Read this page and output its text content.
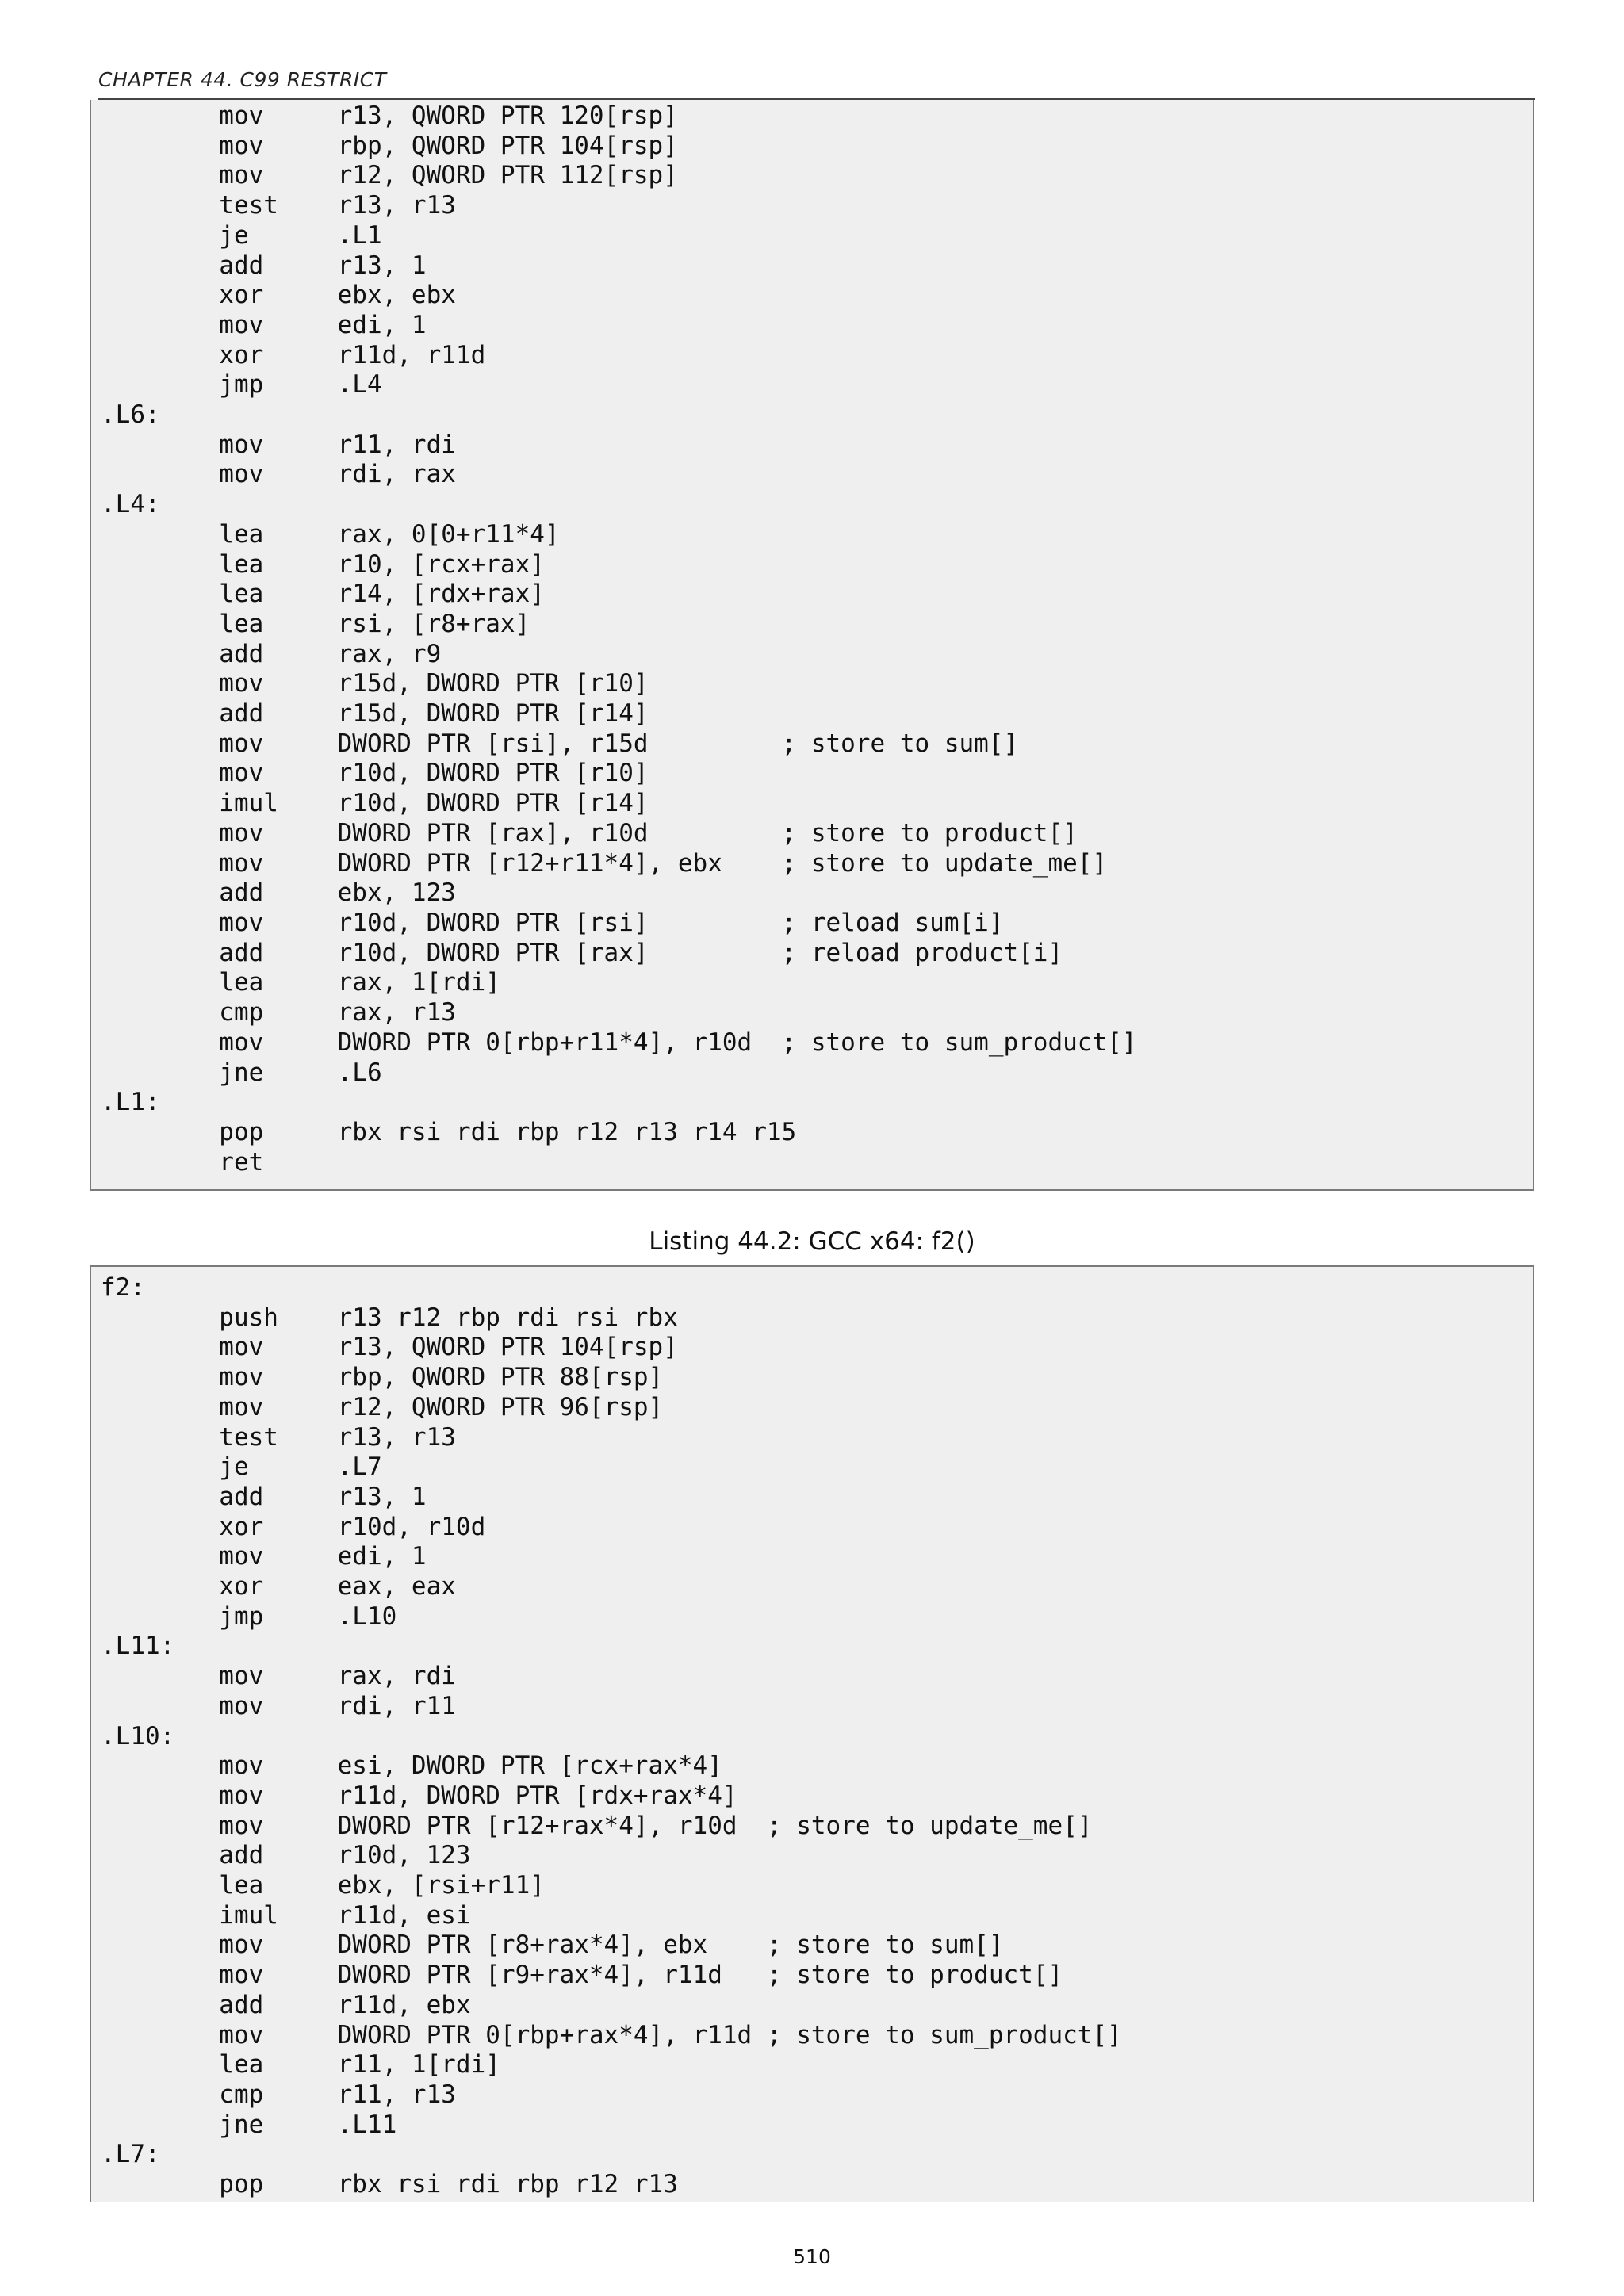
CHAPTER 44. C99 RESTRICT
mov     r13, QWORD PTR 120[rsp]
mov     rbp, QWORD PTR 104[rsp]
mov     r12, QWORD PTR 112[rsp]
test    r13, r13
je      .L1
add     r13, 1
xor     ebx, ebx
mov     edi, 1
xor     r11d, r11d
jmp     .L4
.L6:
mov     r11, rdi
mov     rdi, rax
.L4:
lea     rax, 0[0+r11*4]
lea     r10, [rcx+rax]
lea     r14, [rdx+rax]
lea     rsi, [r8+rax]
add     rax, r9
mov     r15d, DWORD PTR [r10]
add     r15d, DWORD PTR [r14]
mov     DWORD PTR [rsi], r15d         ; store to sum[]
mov     r10d, DWORD PTR [r10]
imul    r10d, DWORD PTR [r14]
mov     DWORD PTR [rax], r10d         ; store to product[]
mov     DWORD PTR [r12+r11*4], ebx    ; store to update_me[]
add     ebx, 123
mov     r10d, DWORD PTR [rsi]         ; reload sum[i]
add     r10d, DWORD PTR [rax]         ; reload product[i]
lea     rax, 1[rdi]
cmp     rax, r13
mov     DWORD PTR 0[rbp+r11*4], r10d  ; store to sum_product[]
jne     .L6
.L1:
pop     rbx rsi rdi rbp r12 r13 r14 r15
ret
Listing 44.2: GCC x64: f2()
f2:
push    r13 r12 rbp rdi rsi rbx
mov     r13, QWORD PTR 104[rsp]
mov     rbp, QWORD PTR 88[rsp]
mov     r12, QWORD PTR 96[rsp]
test    r13, r13
je      .L7
add     r13, 1
xor     r10d, r10d
mov     edi, 1
xor     eax, eax
jmp     .L10
.L11:
mov     rax, rdi
mov     rdi, r11
.L10:
mov     esi, DWORD PTR [rcx+rax*4]
mov     r11d, DWORD PTR [rdx+rax*4]
mov     DWORD PTR [r12+rax*4], r10d  ; store to update_me[]
add     r10d, 123
lea     ebx, [rsi+r11]
imul    r11d, esi
mov     DWORD PTR [r8+rax*4], ebx    ; store to sum[]
mov     DWORD PTR [r9+rax*4], r11d   ; store to product[]
add     r11d, ebx
mov     DWORD PTR 0[rbp+rax*4], r11d ; store to sum_product[]
lea     r11, 1[rdi]
cmp     r11, r13
jne     .L11
.L7:
pop     rbx rsi rdi rbp r12 r13
510
